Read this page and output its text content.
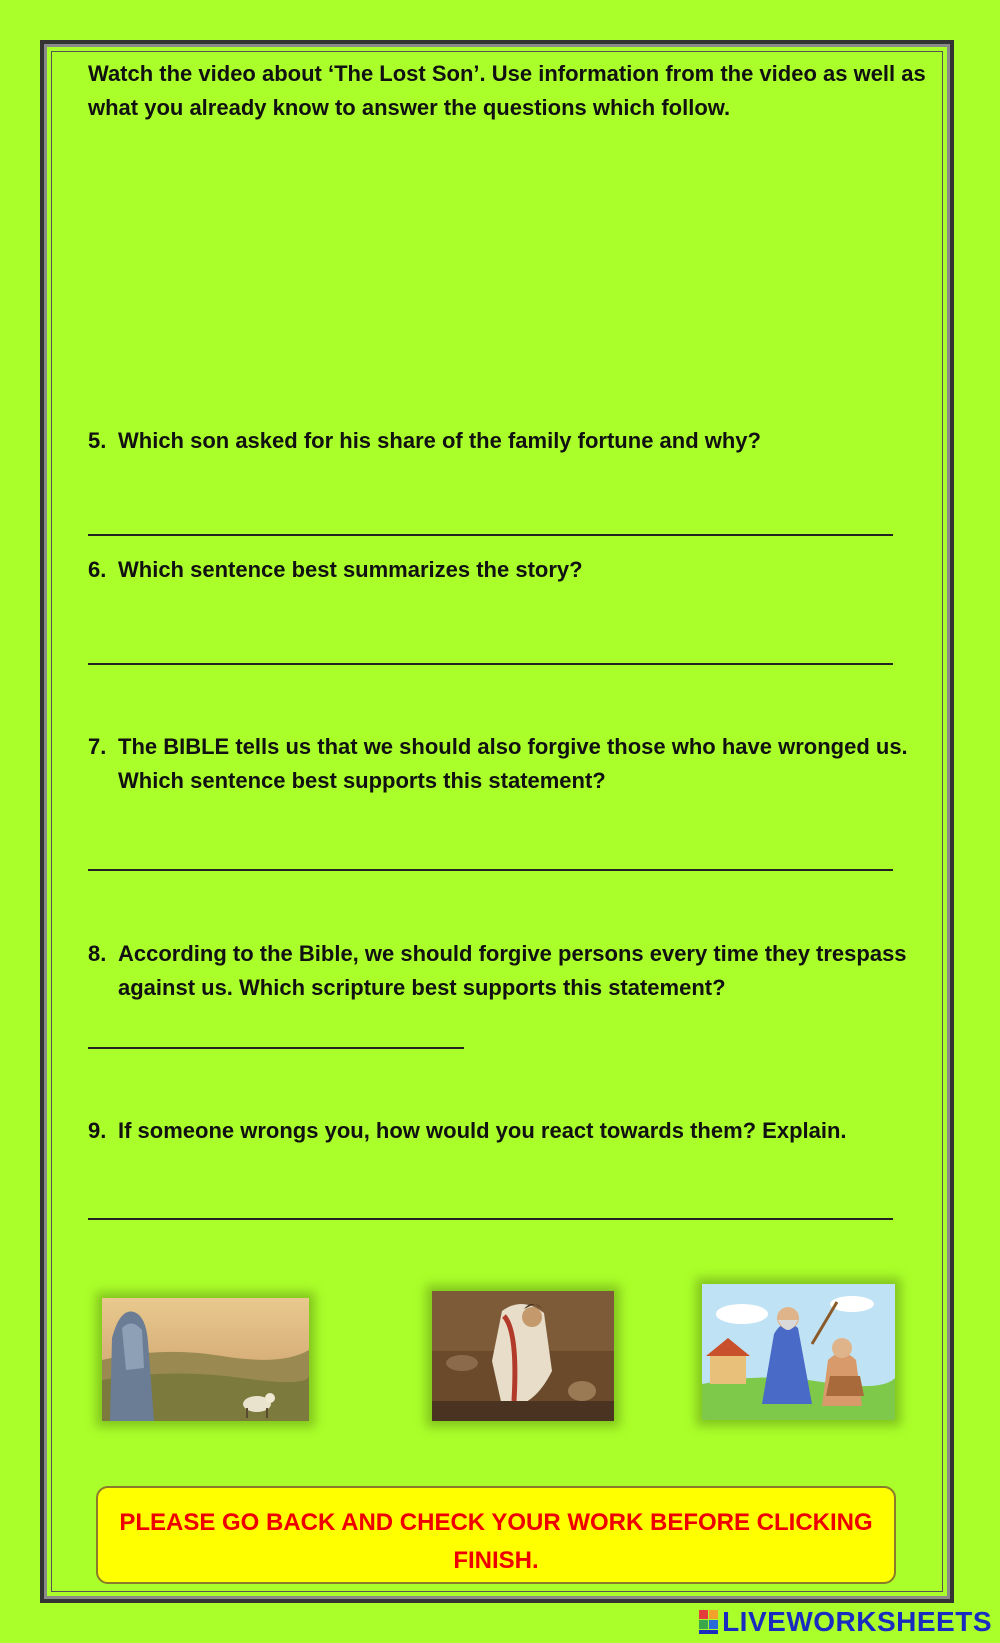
Watch the video about ‘The Lost Son’. Use information from the video as well as what you already know to answer the questions which follow.
5. Which son asked for his share of the family fortune and why?
6. Which sentence best summarizes the story?
7. The BIBLE tells us that we should also forgive those who have wronged us. Which sentence best supports this statement?
8. According to the Bible, we should forgive persons every time they trespass against us. Which scripture best supports this statement?
9. If someone wrongs you, how would you react towards them? Explain.
PLEASE GO BACK AND CHECK YOUR WORK BEFORE CLICKING FINISH.
LIVEWORKSHEETS
